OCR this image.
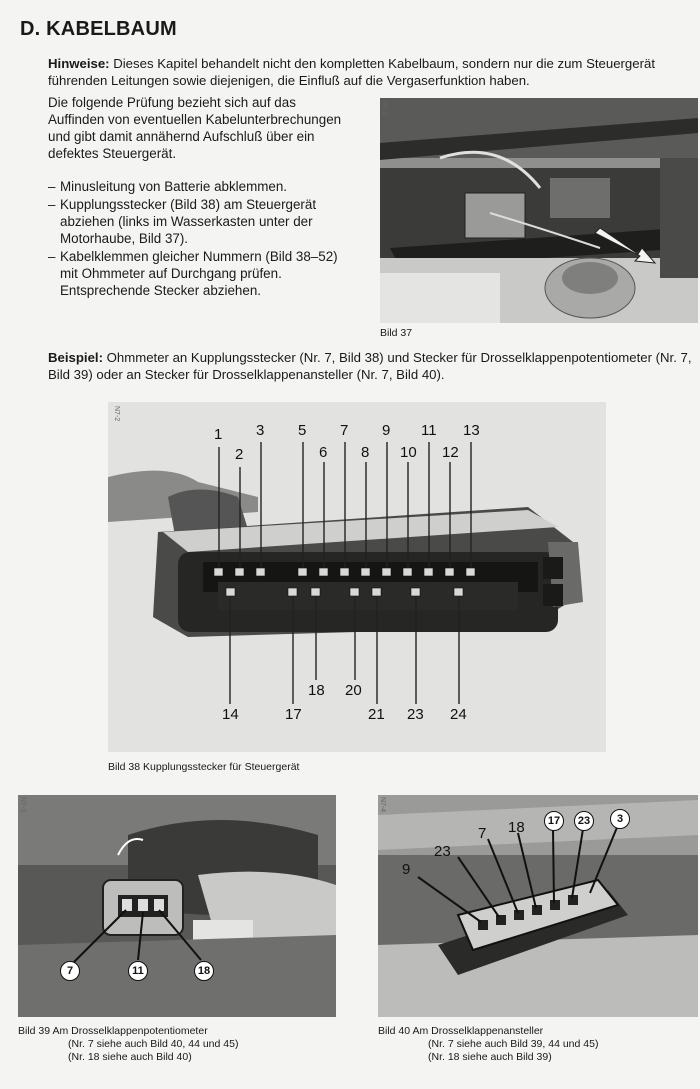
D. KABELBAUM
Hinweise: Dieses Kapitel behandelt nicht den kompletten Kabelbaum, sondern nur die zum Steuergerät führenden Leitungen sowie diejenigen, die Einfluß auf die Vergaserfunktion haben.

Die folgende Prüfung bezieht sich auf das Auffinden von eventuellen Kabelunterbrechungen und gibt damit annähernd Aufschluß über ein defektes Steuergerät.

– Minusleitung von Batterie abklemmen.
– Kupplungsstecker (Bild 38) am Steuergerät abziehen (links im Wasserkasten unter der Motorhaube, Bild 37).
– Kabelklemmen gleicher Nummern (Bild 38–52) mit Ohmmeter auf Durchgang prüfen. Entsprechende Stecker abziehen.
N7-1
Bild 37
Beispiel: Ohmmeter an Kupplungsstecker (Nr. 7, Bild 38) und Stecker für Drosselklappenpotentiometer (Nr. 7, Bild 39) oder an Stecker für Drosselklappenansteller (Nr. 7, Bild 40).
N7-2
1
2
3 5
6
7
8
9
10
11
12
13
14	17
18 20
21 23 24
Bild 38 Kupplungsstecker für Steuergerät
N7-3
7	11	18
Bild 39 Am Drosselklappenpotentiometer
(Nr. 7 siehe auch Bild 40, 44 und 45)
(Nr. 18 siehe auch Bild 40)
N7-4
9
23
7 18	17	23	3
Bild 40 Am Drosselklappenansteller
(Nr. 7 siehe auch Bild 39, 44 und 45)
(Nr. 18 siehe auch Bild 39)
